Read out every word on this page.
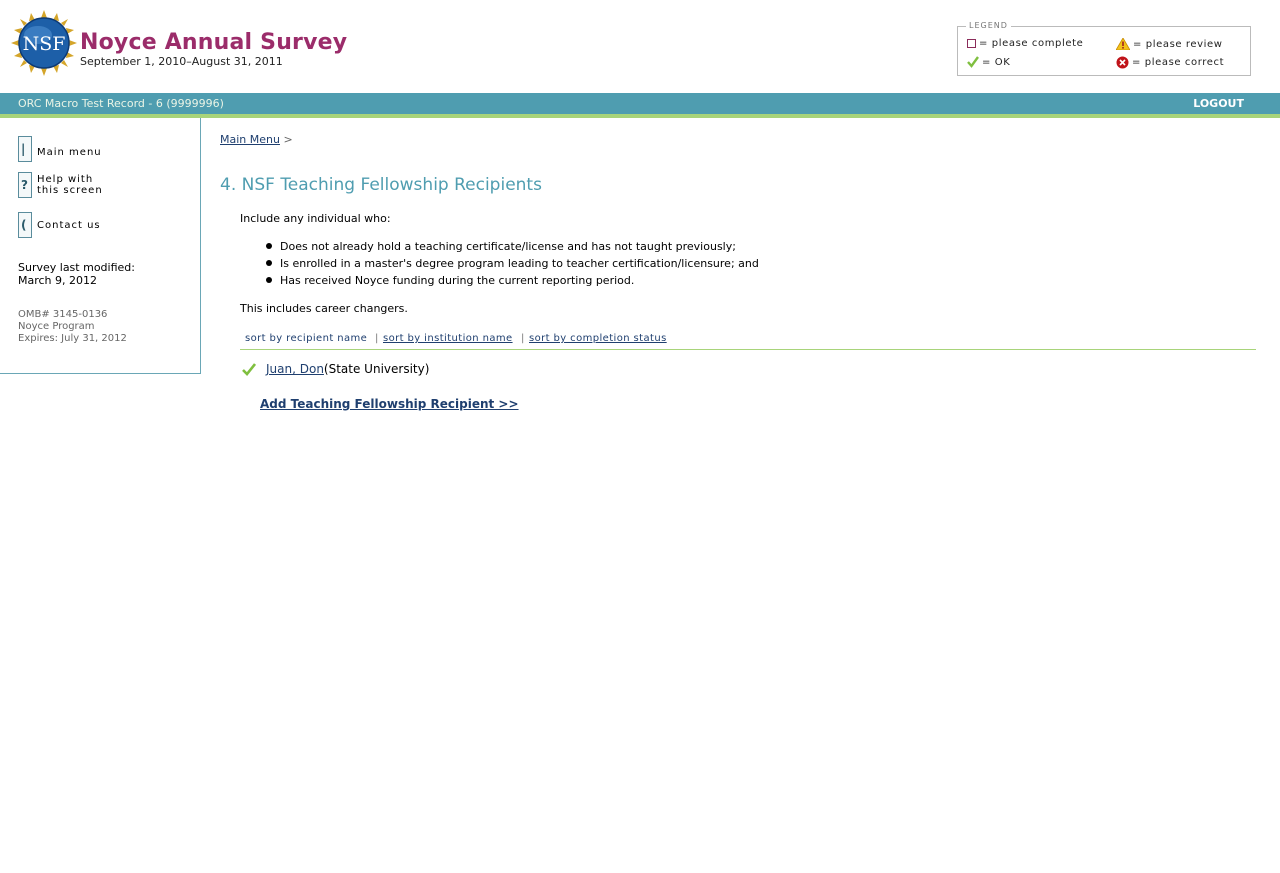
NSF Noyce Annual Survey
September 1, 2010–August 31, 2011
LEGEND
= please complete	= please review
= OK	= please correct
ORC Macro Test Record - 6 (9999996)	LOGOUT
| Main menu
? Help with
this screen
( Contact us
Survey last modified:
March 9, 2012
OMB# 3145-0136
Noyce Program
Expires: July 31, 2012
Main Menu >
4. NSF Teaching Fellowship Recipients
Include any individual who:
Does not already hold a teaching certificate/license and has not taught previously;
Is enrolled in a master's degree program leading to teacher certification/licensure; and
Has received Noyce funding during the current reporting period.
This includes career changers.
sort by recipient name | sort by institution name | sort by completion status
Juan, Don (State University)
Add Teaching Fellowship Recipient >>
